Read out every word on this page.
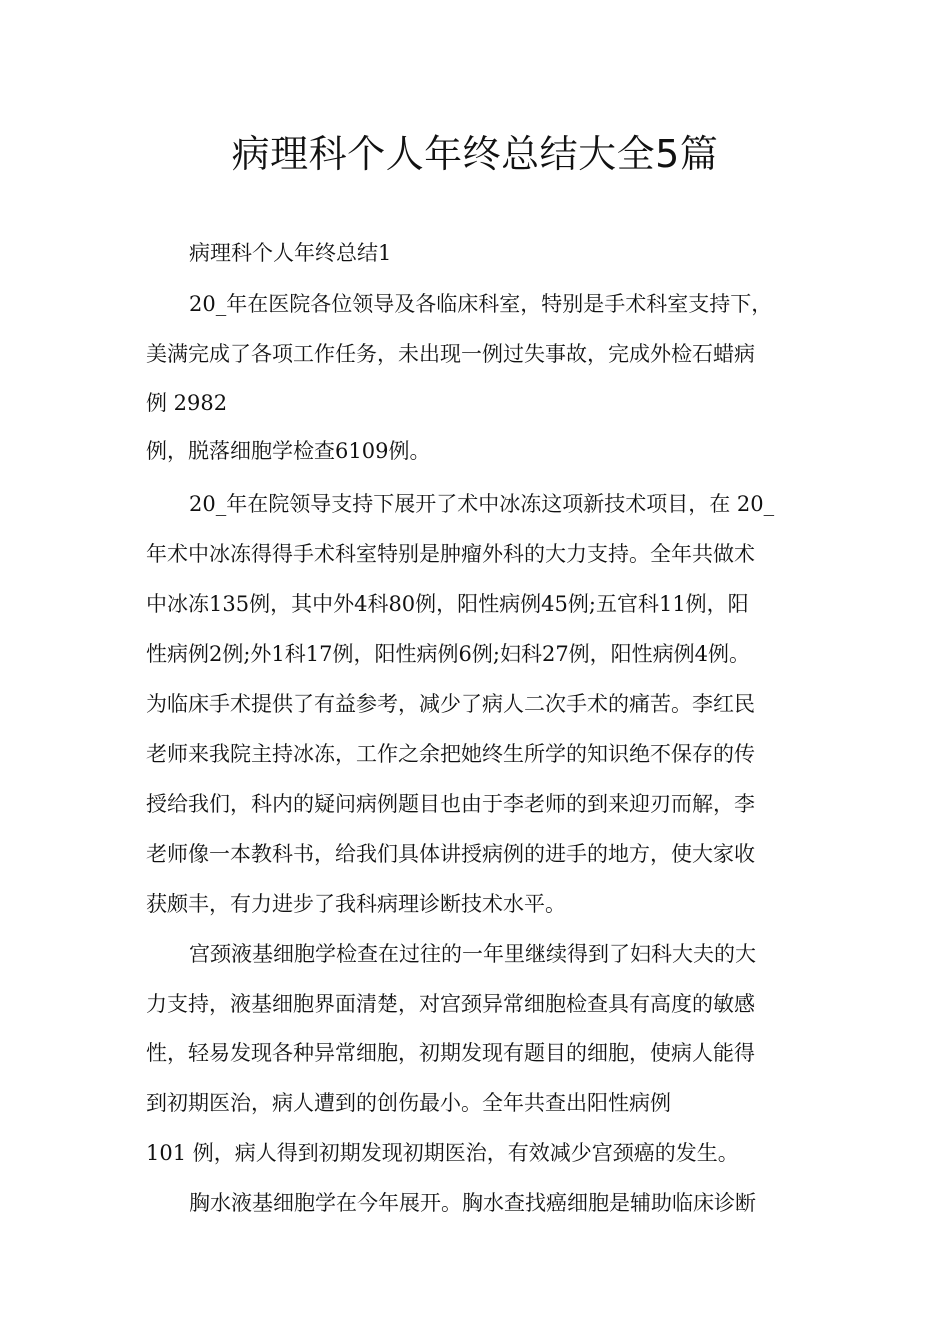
病理科个人年终总结大全5篇
病理科个人年终总结1
20_年在医院各位领导及各临床科室，特别是手术科室支持下，
美满完成了各项工作任务，未出现一例过失事故，完成外检石蜡病
例 2982
例，脱落细胞学检查6109例。
20_年在院领导支持下展开了术中冰冻这项新技术项目，在 20_
年术中冰冻得得手术科室特别是肿瘤外科的大力支持。全年共做术
中冰冻135例，其中外4科80例，阳性病例45例;五官科11例，阳
性病例2例;外1科17例，阳性病例6例;妇科27例，阳性病例4例。
为临床手术提供了有益参考，减少了病人二次手术的痛苦。李红民
老师来我院主持冰冻，工作之余把她终生所学的知识绝不保存的传
授给我们，科内的疑问病例题目也由于李老师的到来迎刃而解，李
老师像一本教科书，给我们具体讲授病例的进手的地方，使大家收
获颇丰，有力进步了我科病理诊断技术水平。
宫颈液基细胞学检查在过往的一年里继续得到了妇科大夫的大
力支持，液基细胞界面清楚，对宫颈异常细胞检查具有高度的敏感
性，轻易发现各种异常细胞，初期发现有题目的细胞，使病人能得
到初期医治，病人遭到的创伤最小。全年共查出阳性病例
101 例，病人得到初期发现初期医治，有效减少宫颈癌的发生。
胸水液基细胞学在今年展开。胸水查找癌细胞是辅助临床诊断
